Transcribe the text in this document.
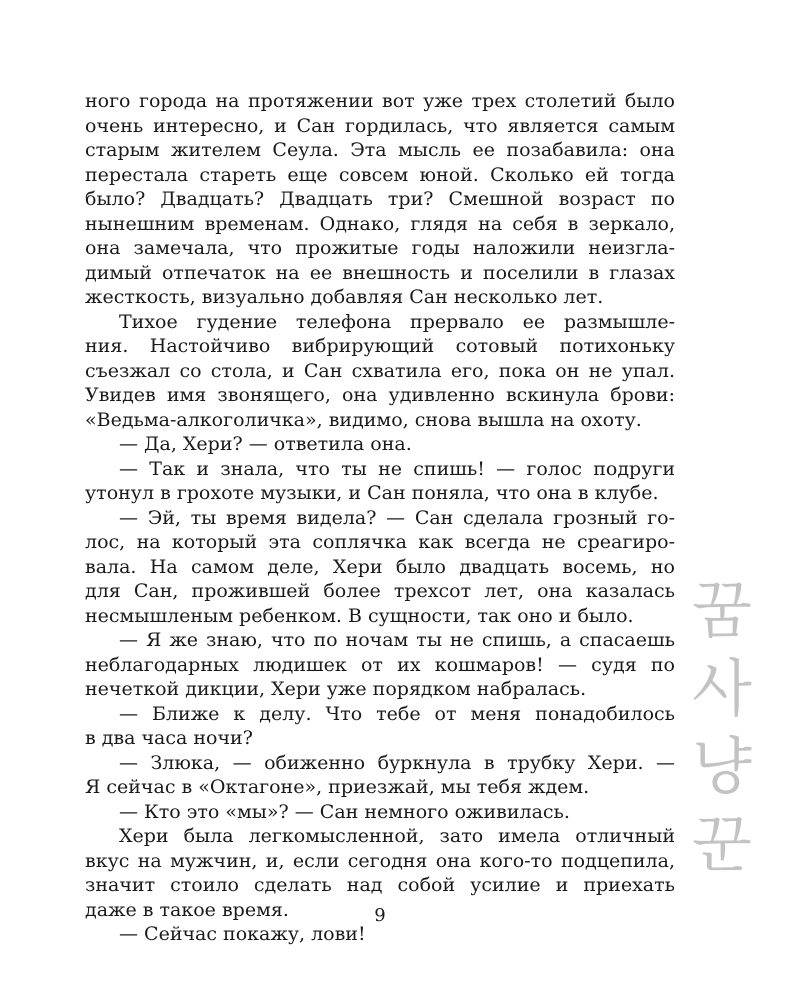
ного города на протяжении вот уже трех столетий было
очень интересно, и Сан гордилась, что является самым
старым жителем Сеула. Эта мысль ее позабавила: она
перестала стареть еще совсем юной. Сколько ей тогда
было? Двадцать? Двадцать три? Смешной возраст по
нынешним временам. Однако, глядя на себя в зеркало,
она замечала, что прожитые годы наложили неизгла-
димый отпечаток на ее внешность и поселили в глазах
жесткость, визуально добавляя Сан несколько лет.
Тихое гудение телефона прервало ее размышле-
ния. Настойчиво вибрирующий сотовый потихоньку
съезжал со стола, и Сан схватила его, пока он не упал.
Увидев имя звонящего, она удивленно вскинула брови:
«Ведьма-алкоголичка», видимо, снова вышла на охоту.
— Да, Хери? — ответила она.
— Так и знала, что ты не спишь! — голос подруги
утонул в грохоте музыки, и Сан поняла, что она в клубе.
— Эй, ты время видела? — Сан сделала грозный го-
лос, на который эта соплячка как всегда не среагиро-
вала. На самом деле, Хери было двадцать восемь, но
для Сан, прожившей более трехсот лет, она казалась
несмышленым ребенком. В сущности, так оно и было.
— Я же знаю, что по ночам ты не спишь, а спасаешь
неблагодарных людишек от их кошмаров! — судя по
нечеткой дикции, Хери уже порядком набралась.
— Ближе к делу. Что тебе от меня понадобилось
в два часа ночи?
— Злюка, — обиженно буркнула в трубку Хери. —
Я сейчас в «Октагоне», приезжай, мы тебя ждем.
— Кто это «мы»? — Сан немного оживилась.
Хери была легкомысленной, зато имела отличный
вкус на мужчин, и, если сегодня она кого-то подцепила,
значит стоило сделать над собой усилие и приехать
даже в такое время.
— Сейчас покажу, лови!
꿈
사
냥
꾼
9
